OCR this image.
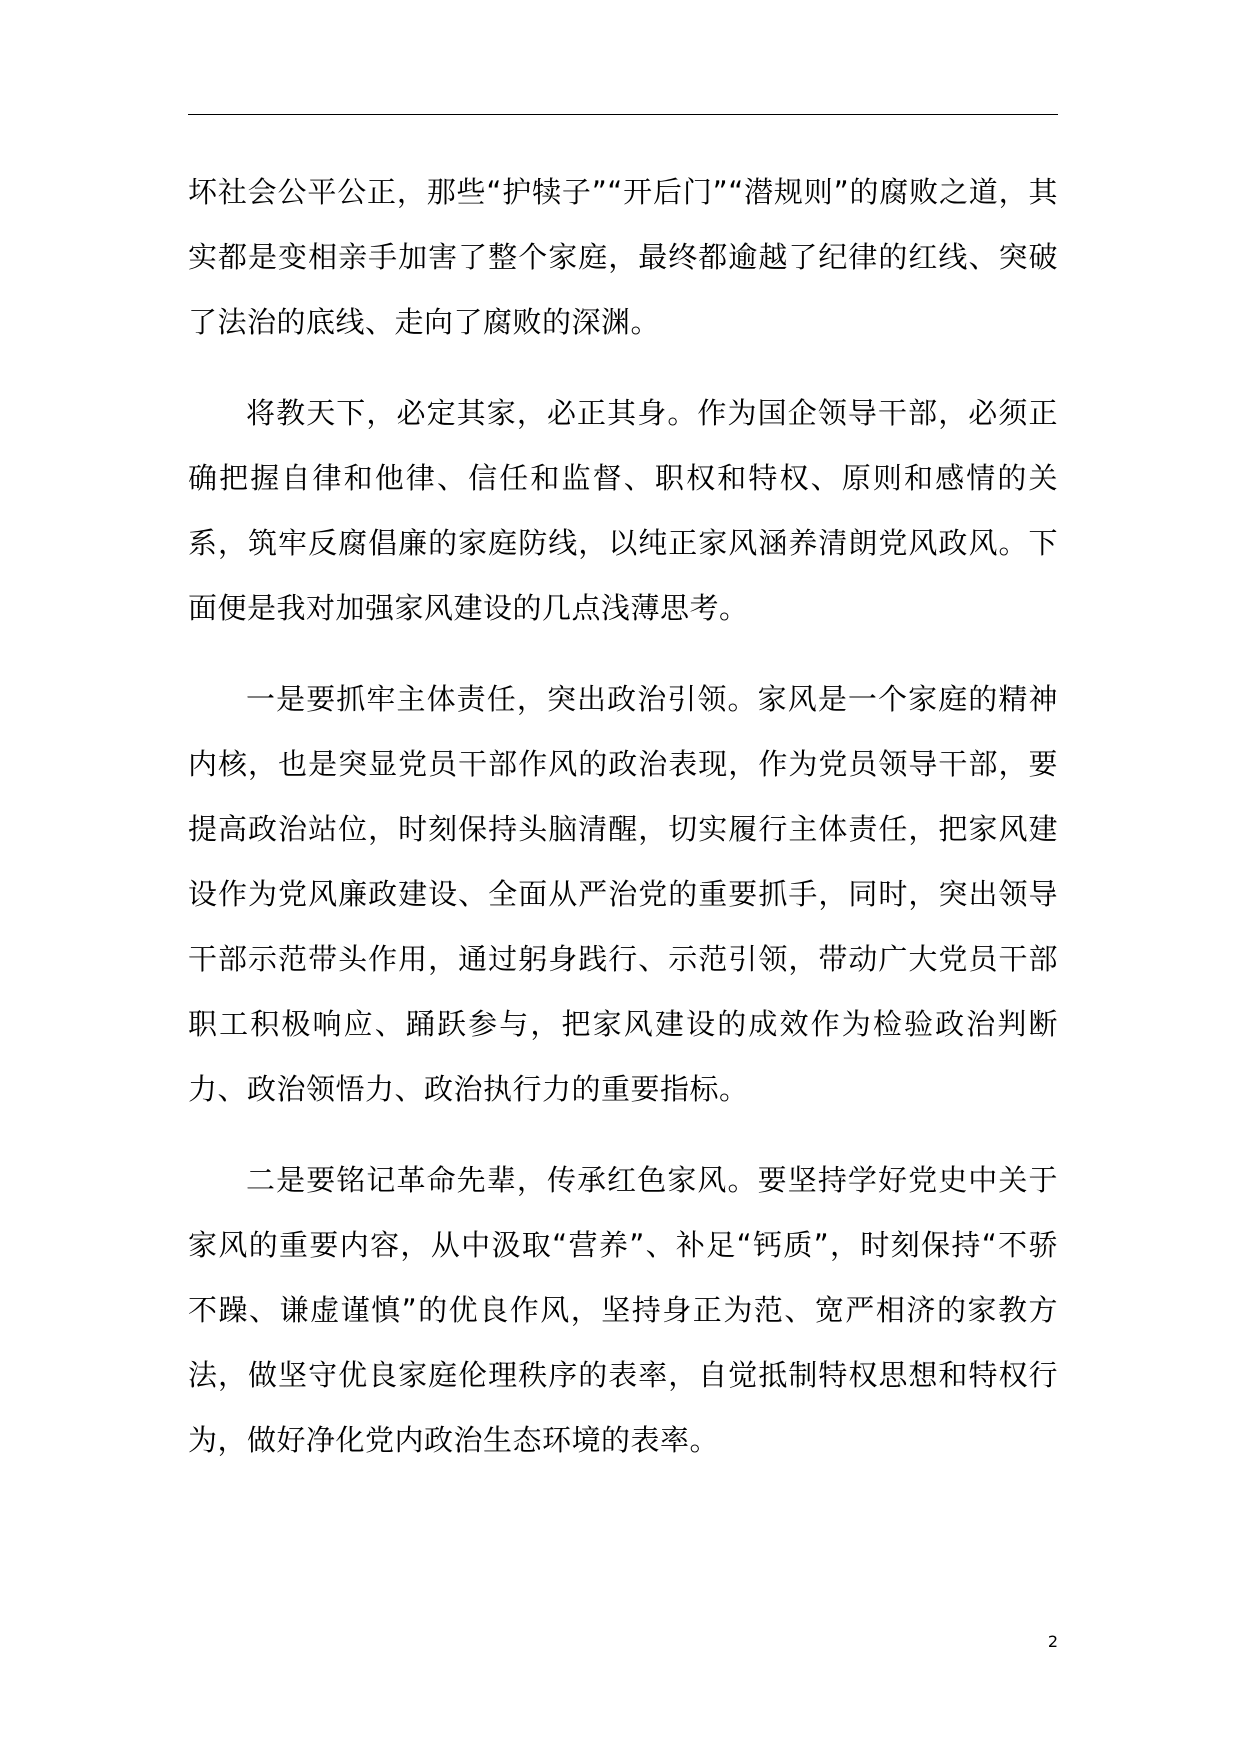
坏社会公平公正，那些“护犊子”“开后门”“潜规则”的腐败之道，其实都是变相亲手加害了整个家庭，最终都逾越了纪律的红线、突破了法治的底线、走向了腐败的深渊。

将教天下，必定其家，必正其身。作为国企领导干部，必须正确把握自律和他律、信任和监督、职权和特权、原则和感情的关系，筑牢反腐倡廉的家庭防线，以纯正家风涵养清朗党风政风。下面便是我对加强家风建设的几点浅薄思考。

一是要抓牢主体责任，突出政治引领。家风是一个家庭的精神内核，也是突显党员干部作风的政治表现，作为党员领导干部，要提高政治站位，时刻保持头脑清醒，切实履行主体责任，把家风建设作为党风廉政建设、全面从严治党的重要抓手，同时，突出领导干部示范带头作用，通过躬身践行、示范引领，带动广大党员干部职工积极响应、踊跃参与，把家风建设的成效作为检验政治判断力、政治领悟力、政治执行力的重要指标。

二是要铭记革命先辈，传承红色家风。要坚持学好党史中关于家风的重要内容，从中汲取“营养”、补足“钙质”，时刻保持“不骄不躁、谦虚谨慎”的优良作风，坚持身正为范、宽严相济的家教方法，做坚守优良家庭伦理秩序的表率，自觉抵制特权思想和特权行为，做好净化党内政治生态环境的表率。

2
